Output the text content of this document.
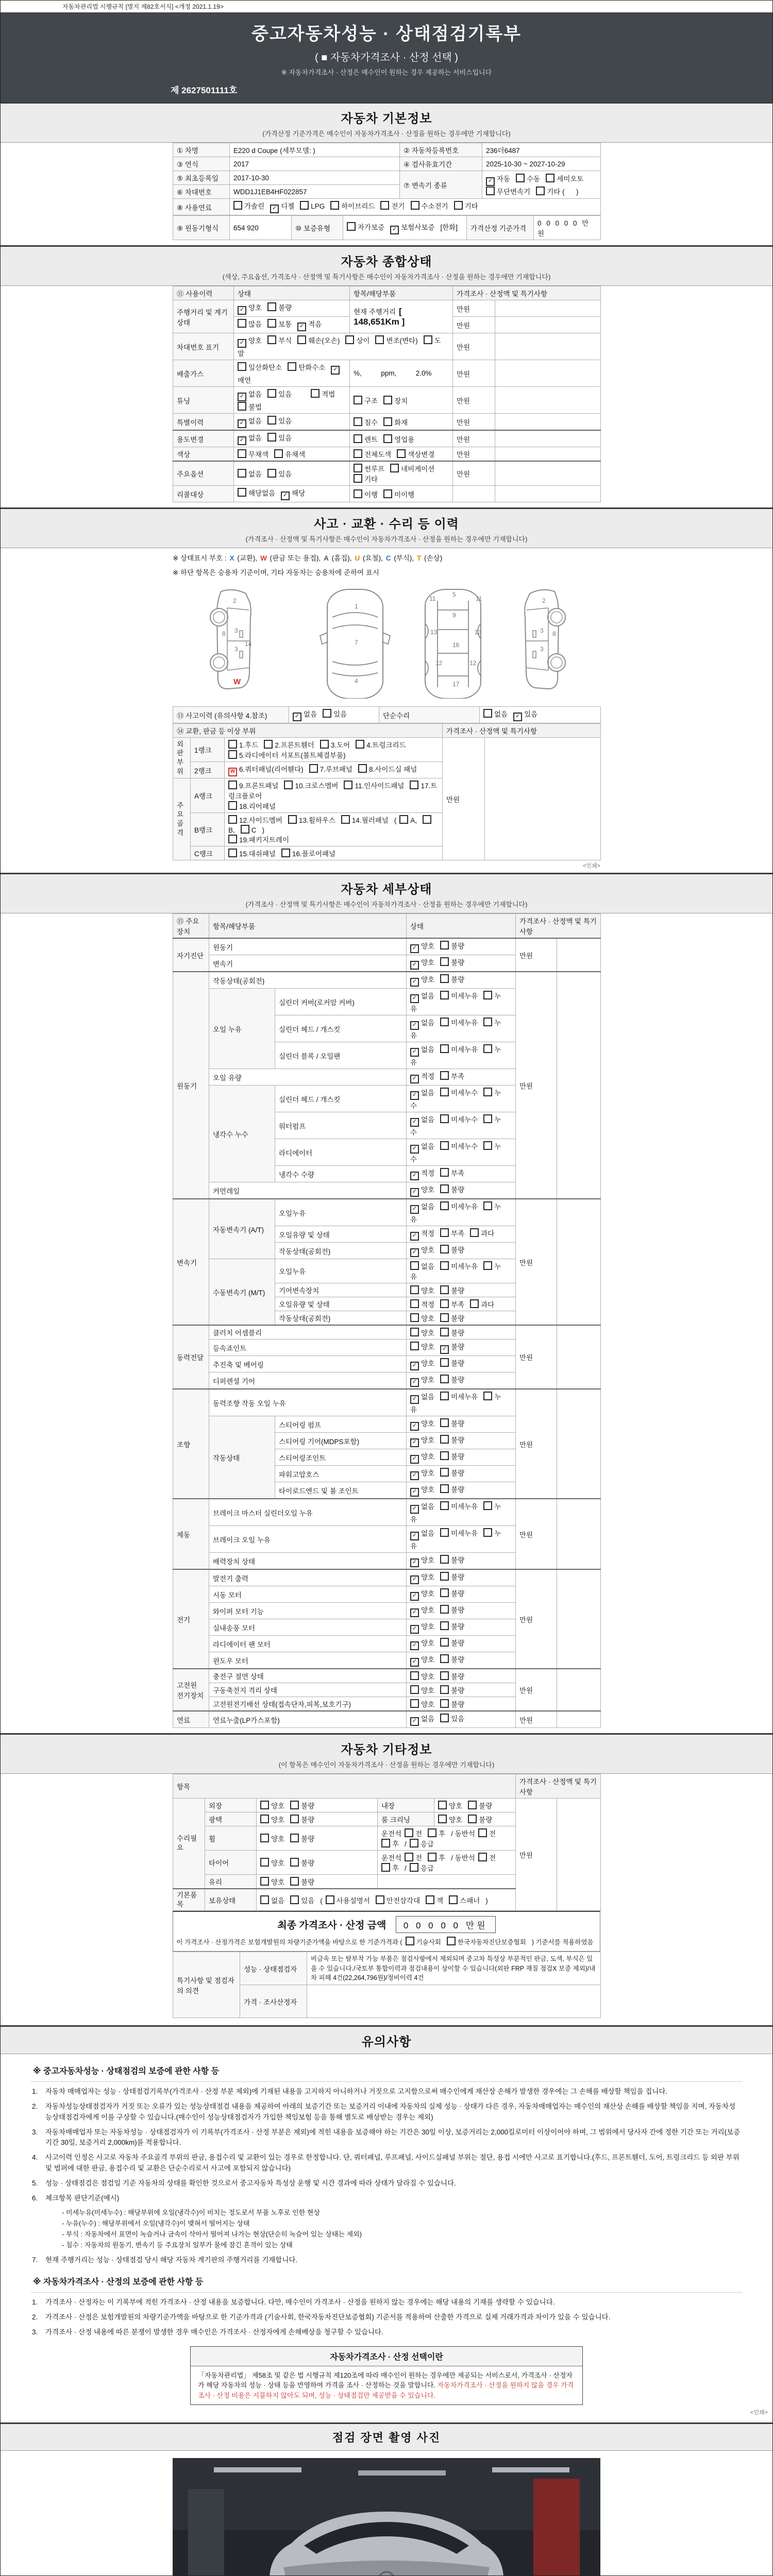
자동차관리법 시행규칙 [별지 제82호서식] <개정 2021.1.19>
중고자동차성능 · 상태점검기록부
( ■ 자동차가격조사 · 산정 선택 )
※ 자동차가격조사 · 산정은 매수인이 원하는 경우 제공하는 서비스입니다
제 2627501111호
자동차 기본정보
(가격산정 기준가격은 매수인이 자동차가격조사 · 산정을 원하는 경우에만 기재합니다)
① 차명	E220 d Coupe (세부모델: )	② 자동차등록번호	236더6487
③ 연식	2017	④ 검사유효기간	2025-10-30 ~ 2027-10-29
⑤ 최초등록일	2017-10-30	⑦ 변속기 종류	✓자동 수동 세미오토
무단변속기 기타 (      )
⑥ 차대번호	WDD1J1EB4HF022857		
⑧ 사용연료	가솔린 ✓ 디젤 LPG 하이브리드 전기 수소전기 기타
⑨ 원동기형식	654 920	⑩ 보증유형	자가보증 ✓ 보험사보증 [한화]	가격산정 기준가격	0 0 0 0 0 만원
자동차 종합상태
(색상, 주요옵션, 가격조사 · 산정액 및 특기사항은 매수인이 자동차가격조사 · 산정을 원하는 경우에만 기재합니다)
⑪ 사용이력	상태	항목/해당부품	가격조사 · 산정액 및 특기사항	
주행거리 및 계기상태	✓양호 불량	현재 주행거리 [ 148,651Km ]	만원	
	많음 보통 ✓ 적음		만원	
차대번호 표기	✓양호 부식 훼손(오손) 상이 변조(변타) 도말		만원	
배출가스	일산화탄소 탄화수소✓매연	%,          ppm,          2.0%	만원	
튜닝	✓없음 있음 적법불법	구조 장치	만원	
특별이력	✓없음 있음	침수 화재	만원	
용도변경	✓없음 있음	렌트 영업용	만원	
색상	무채색 유채색	전체도색 색상변경	만원	
주요옵션	없음 있음	썬루프 네비게이션기타	만원	
리콜대상	해당없음 ✓ 해당	이행 미이행		
사고 · 교환 · 수리 등 이력
(가격조사 · 산정액 및 특기사항은 매수인이 자동차가격조사 · 산정을 원하는 경우에만 기재합니다)
※ 상태표시 부호 : X (교환), W (판금 또는 용접), A (흠집), U (요철), C (부식), T (손상)
※ 하단 항목은 승용차 기준이며, 기타 자동차는 승용차에 준하여 표시
2
8 3
3
14
W
1
7
4
11
5
11
9
13	13
16
12	12
17
2
8
3
3
⑬ 사고이력 (유의사항 4.참조)	✓없음 있음	단순수리	없음 ✓ 있음
⑭ 교환, 판금 등 이상 부위			가격조사 · 산정액 및 특기사항	
외판부위	1랭크	1.후드 2.프론트휀더 3.도어 4.트렁크리드
5.라디에이터 서포트(볼트체결부품)	만원	
	2랭크	W6.쿼터패널(리어휀다) 7.루브패널 8.사이드실 패널
주요골격	A랭크	9.프론트패널 10.크로스멤버 11.인사이드패널 17.트렁크플로어
18.리어패널		
	B랭크	12.사이드멤버 13.휠하우스 14.필러패널 ( A,B, C )
19.패키지트레이		
	C랭크	15.대쉬패널 16.플로어패널		
<인쇄>
자동차 세부상태
(가격조사 · 산정액 및 특기사항은 매수인이 자동차가격조사 · 산정을 원하는 경우에만 기재합니다)
⑮ 주요장치	항목/해당부품		상태	가격조사 · 산정액 및 특기사항	
자기진단	원동기	✓양호 불량	만원	
	변속기	✓양호 불량
원동기	작동상태(공회전)	✓양호 불량	만원	
	오일 누유	실린더 커버(로커암 커버)	✓없음 미세누유 누유
		실린더 헤드 / 개스킷	✓없음 미세누유 누유
		실린더 블록 / 오일팬	✓없음 미세누유 누유
	오일 유량	✓적정 부족
	냉각수 누수	실린더 헤드 / 개스킷	✓없음 미세누수 누수
		워터펌프	✓없음 미세누수 누수
		라디에이터	✓없음 미세누수 누수
		냉각수 수량	✓적정 부족
	커먼레일	✓양호 불량
변속기	자동변속기 (A/T)	오일누유	✓없음 미세누유 누유	만원	
		오일유량 및 상태	✓적정 부족 과다
		작동상태(공회전)	✓양호 불량
	수동변속기 (M/T)	오일누유	없음 미세누유 누유		
		기어변속장치	양호 불량		
		오일유량 및 상태	적정 부족 과다		
		작동상태(공회전)	양호 불량		
동력전달	클러치 어셈블리		양호 불량	만원	
	등속죠인트		양호 ✓ 불량
	추진축 및 베어링	✓양호 불량
	디퍼렌셜 기어	✓양호 불량
조향	동력조향 작동 오일 누유	✓없음 미세누유 누유	만원	
	작동상태	스티어링 펌프	✓양호 불량
		스티어링 기어(MDPS포함)	✓양호 불량
		스티어링조인트	✓양호 불량
		파워고압호스	✓양호 불량
		타이로드엔드 및 볼 조인트	✓양호 불량
제동	브레이크 마스터 실린더오일 누유	✓없음 미세누유 누유	만원	
	브레이크 오일 누유	✓없음 미세누유 누유
	배력장치 상태	✓양호 불량
전기	발전기 출력	✓양호 불량	만원	
	시동 모터	✓양호 불량
	와이퍼 모터 기능	✓양호 불량
	실내송풍 모터	✓양호 불량
	라디에이터 팬 모터	✓양호 불량
	윈도우 모터	✓양호 불량
고전원 전기장치	충전구 절연 상태		양호 불량	만원	
	구동축전지 격리 상태		양호 불량		
	고전원전기배선 상태(접속단자,피복,보호기구)		양호 불량		
연료	연료누출(LP가스포함)	✓없음 있음	만원	
자동차 기타정보
(이 항목은 매수인이 자동차가격조사 · 산정을 원하는 경우에만 기재합니다)
항목					가격조사 · 산정액 및 특기사항	
수리필요	외장	양호 불량	내장	양호 불량	만원	
	광택	양호 불량	룸 크리닝	양호 불량		
	휠	양호 불량	운전석 전 후 / 동반석 전후 / 응급			
	타이어	양호 불량	운전석 전 후 / 동반석 전후 / 응급			
	유리	양호 불량				
기본품목	보유상태	없음 있음 ( 사용설명서 안전삼각대 잭 스패너 )				
최종 가격조사 · 산정 금액 0 0 0 0 0 만원
이 가격조사 · 산정가격은 보험개발원의 차량기준가액을 바탕으로 한 기준가격과 ( 기술사회	한국자동차진단보증협회 ) 기준서를 적용하였음
특기사항 및 점검자의 의견	성능 · 상태점검자	비금속 또는 탈부착 가능 부품은 점검사항에서 제외되며 중고차 특성상 부분적인 판금, 도색, 부식은 있을 수 있습니다./국토부 통합이력과 점검내용이 상이할 수 있습니다(외판 FRP 재질 점검X 보증 제외)/내차 피해 4건(22,264,796원)/정비이력 4건
	가격 · 조사산정자	
유의사항
※ 중고자동차성능 · 상태점검의 보증에 관한 사항 등
1.	자동차 매매업자는 성능 · 상태점검기록부(가격조사 · 산정 부분 제외)에 기재된 내용을 고지하지 아니하거나 거짓으로 고지함으로써 매수인에게 재산상 손해가 발생한 경우에는 그 손해를 배상할 책임을 집니다.
2.	자동차성능상태점검자가 거짓 또는 오류가 있는 성능상태점검 내용을 제공하여 아래의 보증기간 또는 보증거리 이내에 자동차의 실제 성능 · 상태가 다른 경우, 자동차매매업자는 매수인의 재산상 손해를 배상할 책임을 지며, 자동차성능상태점검자에게 이를 구상할 수 있습니다.(매수인이 성능상태점검자가 가입한 책임보험 등을 통해 별도로 배상받는 경우는 제외)
3.	자동차매매업자 또는 자동차성능 · 상태점검자가 이 기록부(가격조사 · 산정 부분은 제외)에 적힌 내용을 보증해야 하는 기간은 30일 이상, 보증거리는 2,000킬로미터 이상이어야 하며, 그 범위에서 당사자 간에 정한 기간 또는 거리(보증기간 30일, 보증거리 2,000km)를 적용합니다.
4.	사고이력 인정은 사고로 자동차 주요골격 부위의 판금, 용접수리 및 교환이 있는 경우로 한정합니다. 단, 쿼터패널, 루프패널, 사이드실패널 부위는 절단, 용접 시에만 사고로 표기합니다.(후드, 프론트휀더, 도어, 트렁크리드 등 외판 부위 및 범퍼에 대한 판금, 용접수리 및 교환은 단순수리로서 사고에 포함되지 않습니다)
5.	성능 · 상태점검은 점검일 기준 자동차의 상태를 확인한 것으로서 중고자동차 특성상 운행 및 시간 경과에 따라 상태가 달라질 수 있습니다.
6.	체크항목 판단기준(예시)
- 미세누유(미세누수) : 해당부위에 오일(냉각수)이 비치는 정도로서 부품 노후로 인한 현상
- 누유(누수) : 해당부위에서 오일(냉각수)이 맺혀서 떨어지는 상태
- 부식 : 자동차에서 표면이 녹슬거나 금속이 삭아서 떨어져 나가는 현상(단순히 녹슬어 있는 상태는 제외)
- 침수 : 자동차의 원동기, 변속기 등 주요장치 일부가 물에 잠긴 흔적이 있는 상태
7.	현재 주행거리는 성능 · 상태점검 당시 해당 자동차 계기판의 주행거리를 기재합니다.
※ 자동차가격조사 · 산정의 보증에 관한 사항 등
1.	가격조사 · 산정자는 이 기록부에 적힌 가격조사 · 산정 내용을 보증합니다. 다만, 매수인이 가격조사 · 산정을 원하지 않는 경우에는 해당 내용의 기재를 생략할 수 있습니다.
2.	가격조사 · 산정은 보험개발원의 차량기준가액을 바탕으로 한 기준가격과 (기술사회, 한국자동차진단보증협회) 기준서를 적용하여 산출한 가격으로 실제 거래가격과 차이가 있을 수 있습니다.
3.	가격조사 · 산정 내용에 따른 분쟁이 발생한 경우 매수인은 가격조사 · 산정자에게 손해배상을 청구할 수 있습니다.
자동차가격조사 · 산정 선택이란
「자동차관리법」 제58조 및 같은 법 시행규칙 제120조에 따라 매수인이 원하는 경우에만 제공되는 서비스로서, 가격조사 · 산정자가 해당 자동차의 성능 · 상태 등을 반영하여 가격을 조사 · 산정하는 것을 말합니다. 자동차가격조사 · 산정을 원하지 않을 경우 가격조사 · 산정 비용은 지불하지 않아도 되며, 성능 · 상태점검만 제공받을 수 있습니다.
<인쇄>
점검 장면 촬영 사진
